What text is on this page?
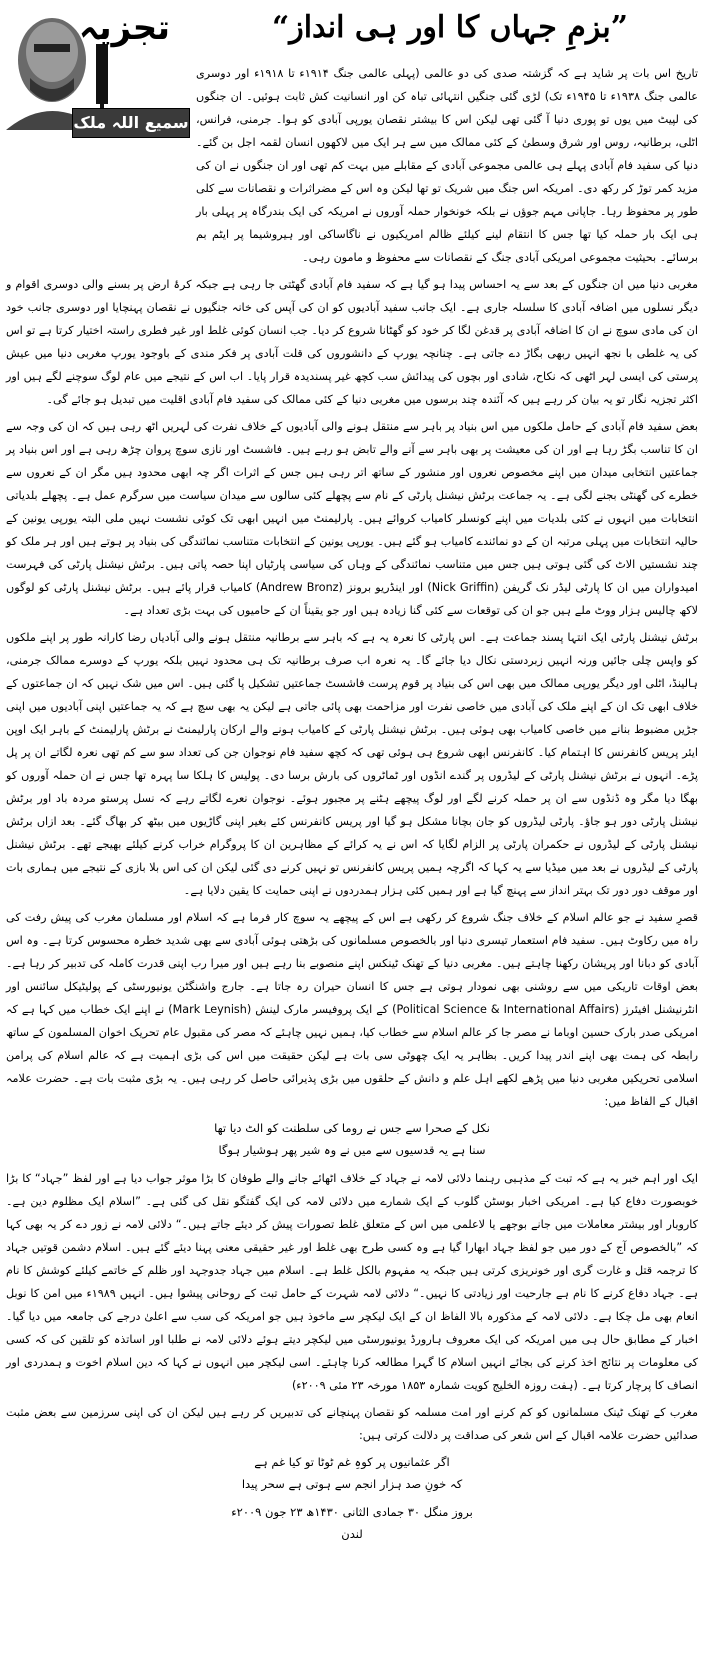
تجزیہ	”بزمِ جہاں کا اور ہی انداز“
سمیع اللہ ملک

تاریخ اس بات پر شاید ہے کہ گزشتہ صدی کی دو عالمی (پہلی عالمی جنگ ۱۹۱۴ء تا ۱۹۱۸ء اور دوسری عالمی جنگ ۱۹۳۸ء تا ۱۹۴۵ء تک) لڑی گئی جنگیں انتہائی تباہ کن اور انسانیت کش ثابت ہوئیں۔ ان جنگوں کی لپیٹ میں یوں تو پوری دنیا آ گئی تھی لیکن اس کا بیشتر نقصان یورپی آبادی کو ہوا۔ جرمنی، فرانس، اٹلی، برطانیہ، روس اور شرق وسطیٰ کے کئی ممالک میں سے ہر ایک میں لاکھوں انسان لقمہ اجل بن گئے۔ دنیا کی سفید فام آبادی پہلے ہی عالمی مجموعی آبادی کے مقابلے میں بہت کم تھی اور ان جنگوں نے ان کی مزید کمر توڑ کر رکھ دی۔ امریکہ اس جنگ میں شریک تو تھا لیکن وہ اس کے مضراثرات و نقصانات سے کلی طور پر محفوظ رہا۔ جاپانی مہم جوؤں نے بلکہ خونخوار حملہ آوروں نے امریکہ کی ایک بندرگاہ پر پہلی بار ہی ایک بار حملہ کیا تھا جس کا انتقام لینے کیلئے ظالم امریکیوں نے ناگاساکی اور ہیروشیما پر ایٹم بم برسائے۔ بحیثیت مجموعی امریکی آبادی جنگ کے نقصانات سے محفوظ و مامون رہی۔

مغربی دنیا میں ان جنگوں کے بعد سے یہ احساس پیدا ہو گیا ہے کہ سفید فام آبادی گھٹتی جا رہی ہے جبکہ کرۂ ارض پر بسنے والی دوسری اقوام و دیگر نسلوں میں اضافہ آبادی کا سلسلہ جاری ہے۔ ایک جانب سفید آبادیوں کو ان کی آپس کی خانہ جنگیوں نے نقصان پہنچایا اور دوسری جانب خود ان کی مادی سوچ نے ان کا اضافہ آبادی پر قدغن لگا کر خود کو گھٹانا شروع کر دیا۔ جب انسان کوئی غلط اور غیر فطری راستہ اختیار کرتا ہے تو اس کی یہ غلطی با نجھ انہیں ربھی بگاڑ دے جاتی ہے۔ چنانچہ یورپ کے دانشوروں کی قلت آبادی پر فکر مندی کے باوجود یورپ مغربی دنیا میں عیش پرستی کی ایسی لہر اٹھی کہ نکاح، شادی اور بچوں کی پیدائش سب کچھ غیر پسندیدہ قرار پایا۔ اب اس کے نتیجے میں عام لوگ سوچنے لگے ہیں اور اکثر تجزیہ نگار تو یہ بیان کر رہے ہیں کہ آئندہ چند برسوں میں مغربی دنیا کے کئی ممالک کی سفید فام آبادی اقلیت میں تبدیل ہو جائے گی۔

بعض سفید فام آبادی کے حامل ملکوں میں اس بنیاد پر باہر سے منتقل ہونے والی آبادیوں کے خلاف نفرت کی لہریں اٹھ رہی ہیں کہ ان کی وجہ سے ان کا تناسب بگڑ رہا ہے اور ان کی معیشت پر بھی باہر سے آنے والے تابض ہو رہے ہیں۔ فاشسٹ اور نازی سوچ پروان چڑھ رہی ہے اور اس بنیاد پر جماعتیں انتخابی میدان میں اپنے مخصوص نعروں اور منشور کے ساتھ اتر رہی ہیں جس کے اثرات اگر چہ ابھی محدود ہیں مگر ان کے نعروں سے خطرے کی گھنٹی بجنے لگی ہے۔ یہ جماعت برٹش نیشنل پارٹی کے نام سے پچھلے کئی سالوں سے میدان سیاست میں سرگرم عمل ہے۔ پچھلے بلدیاتی انتخابات میں انہوں نے کئی بلدیات میں اپنے کونسلر کامیاب کروائے ہیں۔ پارلیمنٹ میں انہیں ابھی تک کوئی نشست نہیں ملی البتہ یورپی یونین کے حالیہ انتخابات میں پہلی مرتبہ ان کے دو نمائندے کامیاب ہو گئے ہیں۔ یورپی یونین کے انتخابات متناسب نمائندگی کی بنیاد پر ہوتے ہیں اور ہر ملک کو چند نشستیں الاٹ کی گئی ہوتی ہیں جس میں متناسب نمائندگی کے وہاں کی سیاسی پارٹیاں اپنا حصہ پاتی ہیں۔ برٹش نیشنل پارٹی کی فہرست امیدواران میں ان کا پارٹی لیڈر نک گریفن (Nick Griffin) اور اینڈریو برونز (Andrew Bronz) کامیاب قرار پائے ہیں۔ برٹش نیشنل پارٹی کو لوگوں لاکھ چالیس ہزار ووٹ ملے ہیں جو ان کی توقعات سے کئی گنا زیادہ ہیں اور جو یقیناً ان کے حامیوں کی بہت بڑی تعداد ہے۔

برٹش نیشنل پارٹی ایک انتہا پسند جماعت ہے۔ اس پارٹی کا نعرہ یہ ہے کہ باہر سے برطانیہ منتقل ہونے والی آبادیاں رضا کارانہ طور پر اپنے ملکوں کو واپس چلی جائیں ورنہ انہیں زبردستی نکال دیا جائے گا۔ یہ نعرہ اب صرف برطانیہ تک ہی محدود نہیں بلکہ یورپ کے دوسرے ممالک جرمنی، ہالینڈ، اٹلی اور دیگر یورپی ممالک میں بھی اس کی بنیاد پر قوم پرست فاشسٹ جماعتیں تشکیل پا گئی ہیں۔ اس میں شک نہیں کہ ان جماعتوں کے خلاف ابھی تک ان کے اپنے ملک کی آبادی میں خاصی نفرت اور مزاحمت بھی پائی جاتی ہے لیکن یہ بھی سچ ہے کہ یہ جماعتیں اپنی آبادیوں میں اپنی جڑیں مضبوط بنانے میں خاصی کامیاب بھی ہوئی ہیں۔ برٹش نیشنل پارٹی کے کامیاب ہونے والے ارکان پارلیمنٹ نے برٹش پارلیمنٹ کے باہر ایک اوپن ایئر پریس کانفرنس کا اہتمام کیا۔ کانفرنس ابھی شروع ہی ہوئی تھی کہ کچھ سفید فام نوجوان جن کی تعداد سو سے کم تھی نعرہ لگاتے ان پر پل پڑے۔ انہوں نے برٹش نیشنل پارٹی کے لیڈروں پر گندے انڈوں اور ٹماٹروں کی بارش برسا دی۔ پولیس کا ہلکا سا پہرہ تھا جس نے ان حملہ آوروں کو بھگا دیا مگر وہ ڈنڈوں سے ان پر حملہ کرنے لگے اور لوگ پیچھے ہٹنے پر مجبور ہوئے۔ نوجوان نعرے لگاتے رہے کہ نسل پرستو مردہ باد اور برٹش نیشنل پارٹی دور ہو جاؤ۔ پارٹی لیڈروں کو جان بچانا مشکل ہو گیا اور پریس کانفرنس کئے بغیر اپنی گاڑیوں میں بیٹھ کر بھاگ گئے۔ بعد ازاں برٹش نیشنل پارٹی کے لیڈروں نے حکمران پارٹی پر الزام لگایا کہ اس نے یہ کرائے کے مظاہرین ان کا پروگرام خراب کرنے کیلئے بھیجے تھے۔ برٹش نیشنل پارٹی کے لیڈروں نے بعد میں میڈیا سے یہ کہا کہ اگرچہ ہمیں پریس کانفرنس تو نہیں کرنے دی گئی لیکن ان کی اس بلا بازی کے نتیجے میں ہماری بات اور موقف دور دور تک بہتر انداز سے پہنچ گیا ہے اور ہمیں کئی ہزار ہمدردوں نے اپنی حمایت کا یقین دلایا ہے۔

قصرِ سفید نے جو عالم اسلام کے خلاف جنگ شروع کر رکھی ہے اس کے پیچھے یہ سوچ کار فرما ہے کہ اسلام اور مسلمان مغرب کی پیش رفت کی راہ میں رکاوٹ ہیں۔ سفید فام استعمار تیسری دنیا اور بالخصوص مسلمانوں کی بڑھتی ہوئی آبادی سے بھی شدید خطرہ محسوس کرتا ہے۔ وہ اس آبادی کو دبانا اور پریشان رکھنا چاہتے ہیں۔ مغربی دنیا کے تھنک ٹینکس اپنے منصوبے بنا رہے ہیں اور میرا رب اپنی قدرت کاملہ کی تدبیر کر رہا ہے۔ بعض اوقات تاریکی میں سے روشنی بھی نمودار ہوتی ہے جس کا انسان حیران رہ جاتا ہے۔ جارج واشنگٹن یونیورسٹی کے پولیٹیکل سائنس اور انٹرنیشنل افیئرز (Political Science & International Affairs) کے ایک پروفیسر مارک لینش (Mark Leynish) نے اپنے ایک خطاب میں کہا ہے کہ امریکی صدر بارک حسین اوباما نے مصر جا کر عالم اسلام سے خطاب کیا، ہمیں نہیں چاہئے کہ مصر کی مقبول عام تحریک اخوان المسلمون کے ساتھ رابطہ کی ہمت بھی اپنے اندر پیدا کریں۔ بظاہر یہ ایک چھوٹی سی بات ہے لیکن حقیقت میں اس کی بڑی اہمیت ہے کہ عالم اسلام کی پرامن اسلامی تحریکیں مغربی دنیا میں پڑھے لکھے اہل علم و دانش کے حلقوں میں بڑی پذیرائی حاصل کر رہی ہیں۔ یہ بڑی مثبت بات ہے۔ حضرت علامہ اقبال کے الفاظ میں:

نکل کے صحرا سے جس نے روما کی سلطنت کو الٹ دیا تھا
سنا ہے یہ قدسیوں سے میں نے وہ شیر پھر ہوشیار ہوگا

ایک اور اہم خبر یہ ہے کہ تبت کے مذہبی رہنما دلائی لامہ نے جہاد کے خلاف اٹھائے جانے والے طوفان کا بڑا موثر جواب دیا ہے اور لفظ ”جہاد“ کا بڑا خوبصورت دفاع کیا ہے۔ امریکی اخبار بوسٹن گلوب کے ایک شمارے میں دلائی لامہ کی ایک گفتگو نقل کی گئی ہے۔ ”اسلام ایک مظلوم دین ہے۔ کاروبار اور بیشتر معاملات میں جانے بوجھے یا لاعلمی میں اس کے متعلق غلط تصورات پیش کر دیئے جاتے ہیں۔“ دلائی لامہ نے زور دے کر یہ بھی کہا کہ ”بالخصوص آج کے دور میں جو لفظ جہاد ابھارا گیا ہے وہ کسی طرح بھی غلط اور غیر حقیقی معنی پہنا دیئے گئے ہیں۔ اسلام دشمن قوتیں جہاد کا ترجمہ قتل و غارت گری اور خونریزی کرتی ہیں جبکہ یہ مفہوم بالکل غلط ہے۔ اسلام میں جہاد جدوجہد اور ظلم کے خاتمے کیلئے کوشش کا نام ہے۔ جہاد دفاع کرنے کا نام ہے جارحیت اور زیادتی کا نہیں۔“ دلائی لامہ شہرت کے حامل تبت کے روحانی پیشوا ہیں۔ انہیں ۱۹۸۹ء میں امن کا نوبل انعام بھی مل چکا ہے۔ دلائی لامہ کے مذکورہ بالا الفاظ ان کے ایک لیکچر سے ماخوذ ہیں جو امریکہ کی سب سے اعلیٰ درجے کی جامعہ میں دیا گیا۔ اخبار کے مطابق حال ہی میں امریکہ کی ایک معروف ہارورڈ یونیورسٹی میں لیکچر دیتے ہوئے دلائی لامہ نے طلبا اور اساتذہ کو تلقین کی کہ کسی کی معلومات پر نتائج اخذ کرنے کی بجائے انہیں اسلام کا گہرا مطالعہ کرنا چاہئے۔ اسی لیکچر میں انہوں نے کہا کہ دین اسلام اخوت و ہمدردی اور انصاف کا پرچار کرتا ہے۔ (ہفت روزہ الخلیج کویت شمارہ ۱۸۵۳ مورخہ ۲۳ مئی ۲۰۰۹ء)

مغرب کے تھنک ٹینک مسلمانوں کو کم کرنے اور امت مسلمہ کو نقصان پہنچانے کی تدبیریں کر رہے ہیں لیکن ان کی اپنی سرزمین سے بعض مثبت صدائیں حضرت علامہ اقبال کے اس شعر کی صداقت پر دلالت کرتی ہیں:

اگر عثمانیوں پر کوہِ غم ٹوٹا تو کیا غم ہے
کہ خونِ صد ہزار انجم سے ہوتی ہے سحر پیدا
بروز منگل ۳۰ جمادی الثانی ۱۴۳۰ھ ۲۳ جون ۲۰۰۹ء
لندن
